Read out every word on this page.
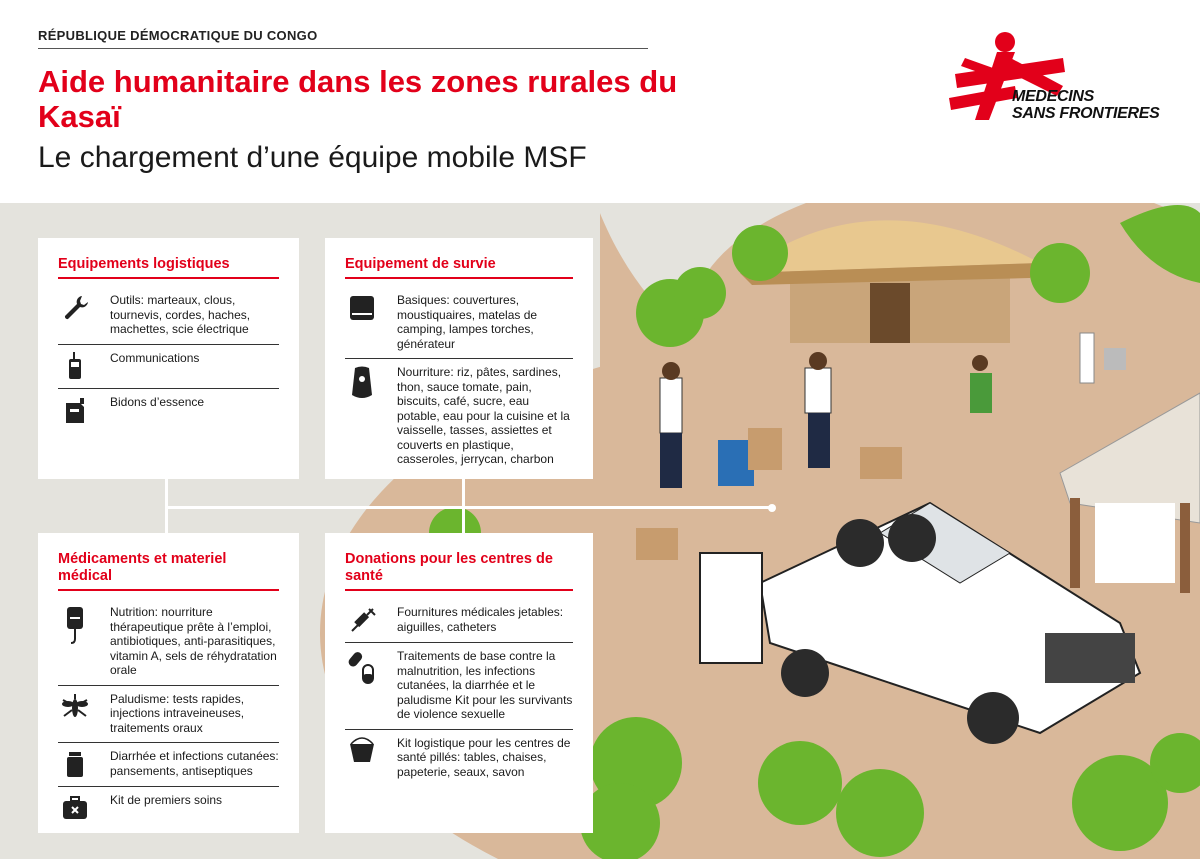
RÉPUBLIQUE DÉMOCRATIQUE DU CONGO
Aide humanitaire dans les zones rurales du Kasaï
Le chargement d’une équipe mobile MSF
MEDECINS
SANS FRONTIERES
Equipements logistiques
Outils: marteaux, clous, tournevis, cordes, haches, machettes, scie électrique
Communications
Bidons d’essence
Equipement de survie
Basiques: couvertures, moustiquaires, matelas de camping, lampes torches, générateur
Nourriture: riz, pâtes, sardines, thon, sauce tomate, pain, biscuits, café, sucre, eau potable, eau pour la cuisine et la vaisselle, tasses, assiettes et couverts en plastique, casseroles, jerrycan, charbon
Médicaments et materiel médical
Nutrition: nourriture thérapeutique prête à l’emploi, antibiotiques, anti-parasitiques, vitamin A, sels de réhydratation orale
Paludisme: tests rapides, injections intraveineuses, traitements oraux
Diarrhée et infections cutanées: pansements, antiseptiques
Kit de premiers soins
Donations pour les centres de santé
Fournitures médicales jetables: aiguilles, catheters
Traitements de base contre la malnutrition, les infections cutanées, la diarrhée et le paludisme Kit pour les survivants de violence sexuelle
Kit logistique pour les centres de santé pillés: tables, chaises, papeterie, seaux, savon
